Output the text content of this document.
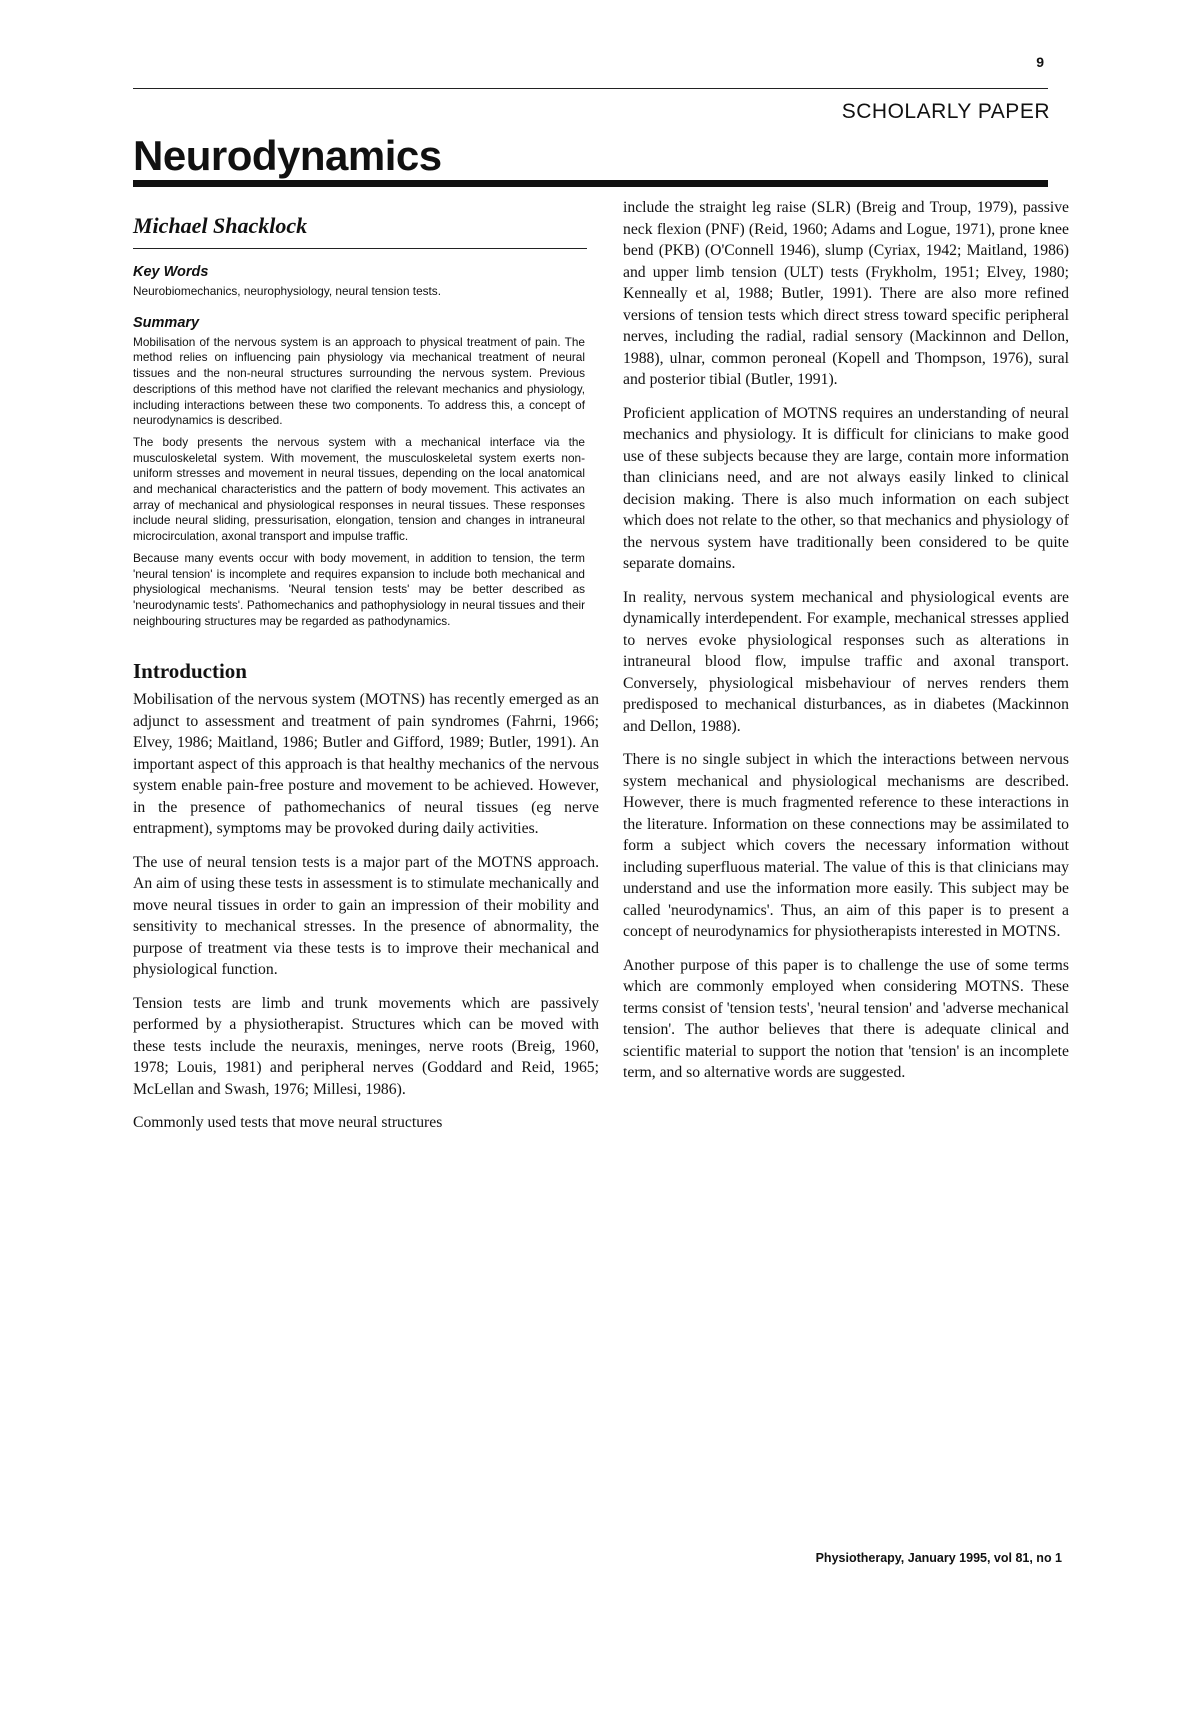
9
SCHOLARLY PAPER
Neurodynamics
Michael Shacklock
Key Words

Neurobiomechanics, neurophysiology, neural tension tests.

Summary

Mobilisation of the nervous system is an approach to physical treatment of pain. The method relies on influencing pain physiology via mechanical treatment of neural tissues and the non-neural structures surrounding the nervous system. Previous descriptions of this method have not clarified the relevant mechanics and physiology, including interactions between these two components. To address this, a concept of neurodynamics is described.

The body presents the nervous system with a mechanical interface via the musculoskeletal system. With movement, the musculoskeletal system exerts non-uniform stresses and movement in neural tissues, depending on the local anatomical and mechanical characteristics and the pattern of body movement. This activates an array of mechanical and physiological responses in neural tissues. These responses include neural sliding, pressurisation, elongation, tension and changes in intraneural microcirculation, axonal transport and impulse traffic.

Because many events occur with body movement, in addition to tension, the term 'neural tension' is incomplete and requires expansion to include both mechanical and physiological mechanisms. 'Neural tension tests' may be better described as 'neurodynamic tests'. Pathomechanics and pathophysiology in neural tissues and their neighbouring structures may be regarded as pathodynamics.

Introduction

Mobilisation of the nervous system (MOTNS) has recently emerged as an adjunct to assessment and treatment of pain syndromes (Fahrni, 1966; Elvey, 1986; Maitland, 1986; Butler and Gifford, 1989; Butler, 1991). An important aspect of this approach is that healthy mechanics of the nervous system enable pain-free posture and movement to be achieved. However, in the presence of pathomechanics of neural tissues (eg nerve entrapment), symptoms may be provoked during daily activities.

The use of neural tension tests is a major part of the MOTNS approach. An aim of using these tests in assessment is to stimulate mechanically and move neural tissues in order to gain an impression of their mobility and sensitivity to mechanical stresses. In the presence of abnormality, the purpose of treatment via these tests is to improve their mechanical and physiological function.

Tension tests are limb and trunk movements which are passively performed by a physiotherapist. Structures which can be moved with these tests include the neuraxis, meninges, nerve roots (Breig, 1960, 1978; Louis, 1981) and peripheral nerves (Goddard and Reid, 1965; McLellan and Swash, 1976; Millesi, 1986).

Commonly used tests that move neural structures

include the straight leg raise (SLR) (Breig and Troup, 1979), passive neck flexion (PNF) (Reid, 1960; Adams and Logue, 1971), prone knee bend (PKB) (O'Connell 1946), slump (Cyriax, 1942; Maitland, 1986) and upper limb tension (ULT) tests (Frykholm, 1951; Elvey, 1980; Kenneally et al, 1988; Butler, 1991). There are also more refined versions of tension tests which direct stress toward specific peripheral nerves, including the radial, radial sensory (Mackinnon and Dellon, 1988), ulnar, common peroneal (Kopell and Thompson, 1976), sural and posterior tibial (Butler, 1991).

Proficient application of MOTNS requires an understanding of neural mechanics and physiology. It is difficult for clinicians to make good use of these subjects because they are large, contain more information than clinicians need, and are not always easily linked to clinical decision making. There is also much information on each subject which does not relate to the other, so that mechanics and physiology of the nervous system have traditionally been considered to be quite separate domains.

In reality, nervous system mechanical and physiological events are dynamically interdependent. For example, mechanical stresses applied to nerves evoke physiological responses such as alterations in intraneural blood flow, impulse traffic and axonal transport. Conversely, physiological misbehaviour of nerves renders them predisposed to mechanical disturbances, as in diabetes (Mackinnon and Dellon, 1988).

There is no single subject in which the interactions between nervous system mechanical and physiological mechanisms are described. However, there is much fragmented reference to these interactions in the literature. Information on these connections may be assimilated to form a subject which covers the necessary information without including superfluous material. The value of this is that clinicians may understand and use the information more easily. This subject may be called 'neurodynamics'. Thus, an aim of this paper is to present a concept of neurodynamics for physiotherapists interested in MOTNS.

Another purpose of this paper is to challenge the use of some terms which are commonly employed when considering MOTNS. These terms consist of 'tension tests', 'neural tension' and 'adverse mechanical tension'. The author believes that there is adequate clinical and scientific material to support the notion that 'tension' is an incomplete term, and so alternative words are suggested.

Physiotherapy, January 1995, vol 81, no 1
